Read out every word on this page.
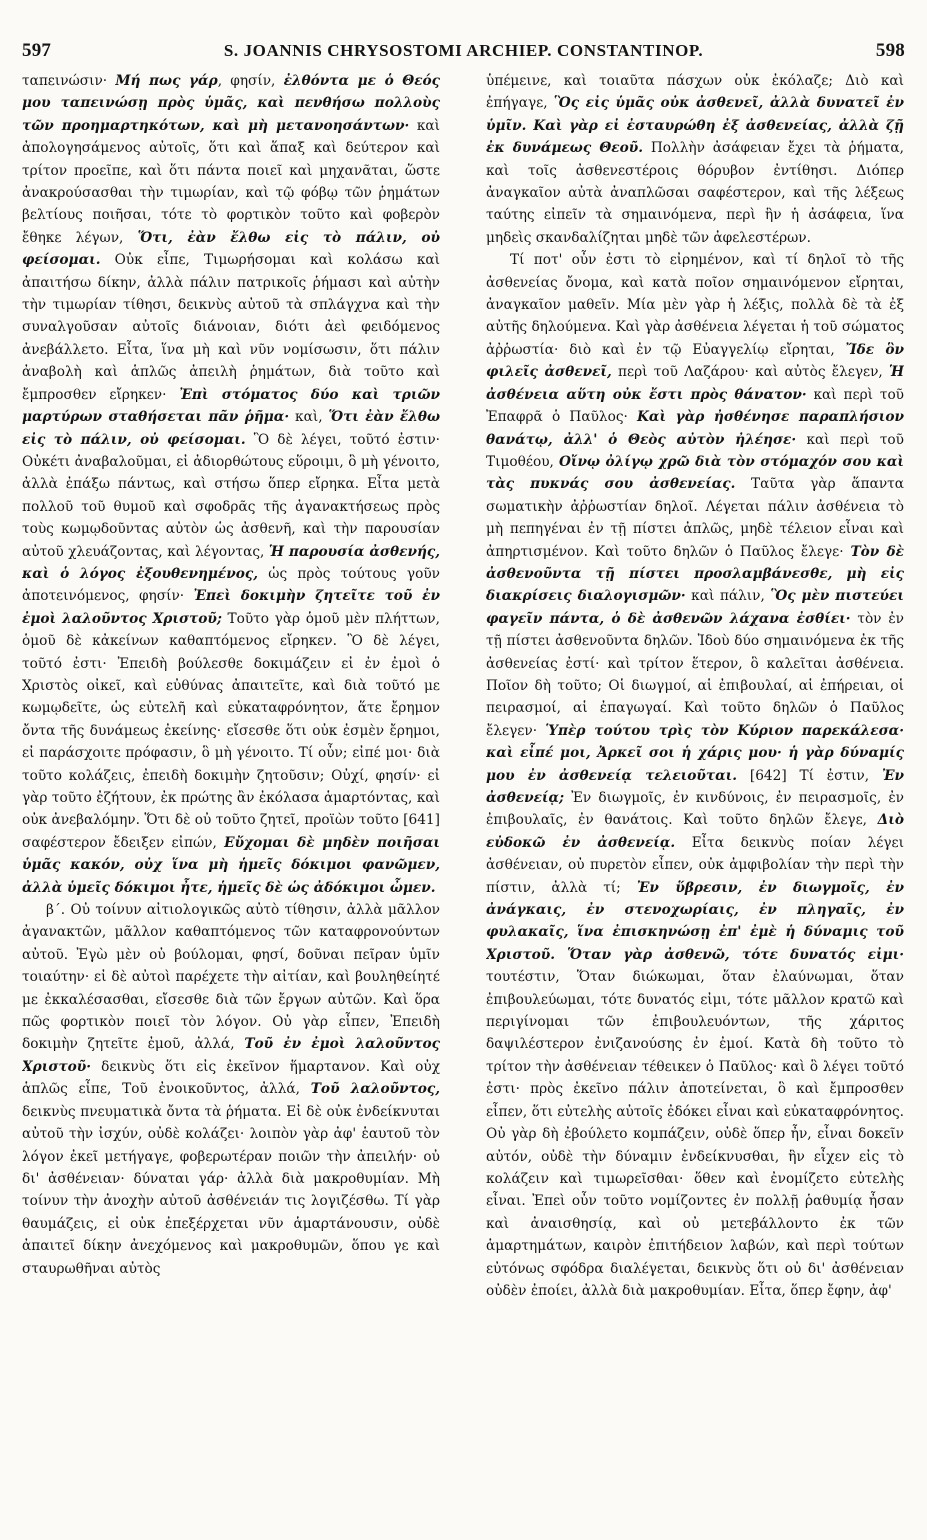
597	S. JOANNIS CHRYSOSTOMI ARCHIEP. CONSTANTINOP.	598

ταπεινώσιν· Μή πως γάρ, φησίν, ἐλθόντα με ὁ Θεός μου ταπεινώσῃ πρὸς ὑμᾶς, καὶ πενθήσω πολλοὺς τῶν προημαρτηκότων, καὶ μὴ μετανοησάντων· καὶ ἀπολογησάμενος αὐτοῖς, ὅτι καὶ ἅπαξ καὶ δεύτερον καὶ τρίτον προεῖπε, καὶ ὅτι πάντα ποιεῖ καὶ μηχανᾶται, ὥστε ἀνακρούσασθαι τὴν τιμωρίαν, καὶ τῷ φόβῳ τῶν ῥημάτων βελτίους ποιῆσαι, τότε τὸ φορτικὸν τοῦτο καὶ φοβερὸν ἔθηκε λέγων, Ὅτι, ἐὰν ἔλθω εἰς τὸ πάλιν, οὐ φείσομαι. Οὐκ εἶπε, Τιμωρήσομαι καὶ κολάσω καὶ ἀπαιτήσω δίκην, ἀλλὰ πάλιν πατρικοῖς ῥήμασι καὶ αὐτὴν τὴν τιμωρίαν τίθησι, δεικνὺς αὐτοῦ τὰ σπλάγχνα καὶ τὴν συναλγοῦσαν αὐτοῖς διάνοιαν, διότι ἀεὶ φειδόμενος ἀνεβάλλετο. Εἶτα, ἵνα μὴ καὶ νῦν νομίσωσιν, ὅτι πάλιν ἀναβολὴ καὶ ἁπλῶς ἀπειλὴ ῥημάτων, διὰ τοῦτο καὶ ἔμπροσθεν εἴρηκεν· Ἐπὶ στόματος δύο καὶ τριῶν μαρτύρων σταθήσεται πᾶν ῥῆμα· καὶ, Ὅτι ἐὰν ἔλθω εἰς τὸ πάλιν, οὐ φείσομαι. Ὃ δὲ λέγει, τοῦτό ἐστιν· Οὐκέτι ἀναβαλοῦμαι, εἰ ἀδιορθώτους εὕροιμι, ὃ μὴ γένοιτο, ἀλλὰ ἐπάξω πάντως, καὶ στήσω ὅπερ εἴρηκα. Εἶτα μετὰ πολλοῦ τοῦ θυμοῦ καὶ σφοδρᾶς τῆς ἀγανακτήσεως πρὸς τοὺς κωμῳδοῦντας αὐτὸν ὡς ἀσθενῆ, καὶ τὴν παρουσίαν αὐτοῦ χλευάζοντας, καὶ λέγοντας, Ἡ παρουσία ἀσθενής, καὶ ὁ λόγος ἐξουθενημένος, ὡς πρὸς τούτους γοῦν ἀποτεινόμενος, φησίν· Ἐπεὶ δοκιμὴν ζητεῖτε τοῦ ἐν ἐμοὶ λαλοῦντος Χριστοῦ; Τοῦτο γὰρ ὁμοῦ μὲν πλήττων, ὁμοῦ δὲ κἀκείνων καθαπτόμενος εἴρηκεν. Ὃ δὲ λέγει, τοῦτό ἐστι· Ἐπειδὴ βούλεσθε δοκιμάζειν εἰ ἐν ἐμοὶ ὁ Χριστὸς οἰκεῖ, καὶ εὐθύνας ἀπαιτεῖτε, καὶ διὰ τοῦτό με κωμῳδεῖτε, ὡς εὐτελῆ καὶ εὐκαταφρόνητον, ἅτε ἔρημον ὄντα τῆς δυνάμεως ἐκείνης· εἴσεσθε ὅτι οὐκ ἐσμὲν ἔρημοι, εἰ παράσχοιτε πρόφασιν, ὃ μὴ γένοιτο. Τί οὖν; εἰπέ μοι· διὰ τοῦτο κολάζεις, ἐπειδὴ δοκιμὴν ζητοῦσιν; Οὐχί, φησίν· εἰ γὰρ τοῦτο ἐζήτουν, ἐκ πρώτης ἂν ἐκόλασα ἁμαρτόντας, καὶ οὐκ ἀνεβαλόμην. Ὅτι δὲ οὐ τοῦτο ζητεῖ, προϊὼν τοῦτο [641] σαφέστερον ἔδειξεν εἰπών, Εὔχομαι δὲ μηδὲν ποιῆσαι ὑμᾶς κακόν, οὐχ ἵνα μὴ ἡμεῖς δόκιμοι φανῶμεν, ἀλλὰ ὑμεῖς δόκιμοι ἦτε, ἡμεῖς δὲ ὡς ἀδόκιμοι ὦμεν.

β΄. Οὐ τοίνυν αἰτιολογικῶς αὐτὸ τίθησιν, ἀλλὰ μᾶλλον ἀγανακτῶν, μᾶλλον καθαπτόμενος τῶν καταφρονούντων αὐτοῦ. Ἐγὼ μὲν οὐ βούλομαι, φησί, δοῦναι πεῖραν ὑμῖν τοιαύτην· εἰ δὲ αὐτοὶ παρέχετε τὴν αἰτίαν, καὶ βουληθείητέ με ἐκκαλέσασθαι, εἴσεσθε διὰ τῶν ἔργων αὐτῶν. Καὶ ὅρα πῶς φορτικὸν ποιεῖ τὸν λόγον. Οὐ γὰρ εἶπεν, Ἐπειδὴ δοκιμὴν ζητεῖτε ἐμοῦ, ἀλλά, Τοῦ ἐν ἐμοὶ λαλοῦντος Χριστοῦ· δεικνὺς ὅτι εἰς ἐκεῖνον ἥμαρτανον. Καὶ οὐχ ἁπλῶς εἶπε, Τοῦ ἐνοικοῦντος, ἀλλά, Τοῦ λαλοῦντος, δεικνὺς πνευματικὰ ὄντα τὰ ῥήματα. Εἰ δὲ οὐκ ἐνδείκνυται αὐτοῦ τὴν ἰσχύν, οὐδὲ κολάζει· λοιπὸν γὰρ ἀφ' ἑαυτοῦ τὸν λόγον ἐκεῖ μετήγαγε, φοβερωτέραν ποιῶν τὴν ἀπειλήν· οὐ δι' ἀσθένειαν· δύναται γάρ· ἀλλὰ διὰ μακροθυμίαν. Μὴ τοίνυν τὴν ἀνοχὴν αὐτοῦ ἀσθένειάν τις λογιζέσθω. Τί γὰρ θαυμάζεις, εἰ οὐκ ἐπεξέρχεται νῦν ἁμαρτάνουσιν, οὐδὲ ἀπαιτεῖ δίκην ἀνεχόμενος καὶ μακροθυμῶν, ὅπου γε καὶ σταυρωθῆναι αὐτὸς

ὑπέμεινε, καὶ τοιαῦτα πάσχων οὐκ ἐκόλαζε; Διὸ καὶ ἐπήγαγε, Ὃς εἰς ὑμᾶς οὐκ ἀσθενεῖ, ἀλλὰ δυνατεῖ ἐν ὑμῖν. Καὶ γὰρ εἰ ἐσταυρώθη ἐξ ἀσθενείας, ἀλλὰ ζῇ ἐκ δυνάμεως Θεοῦ. Πολλὴν ἀσάφειαν ἔχει τὰ ῥήματα, καὶ τοῖς ἀσθενεστέροις θόρυβον ἐντίθησι. Διόπερ ἀναγκαῖον αὐτὰ ἀναπλῶσαι σαφέστερον, καὶ τῆς λέξεως ταύτης εἰπεῖν τὰ σημαινόμενα, περὶ ἣν ἡ ἀσάφεια, ἵνα μηδεὶς σκανδαλίζηται μηδὲ τῶν ἀφελεστέρων.

Τί ποτ' οὖν ἐστι τὸ εἰρημένον, καὶ τί δηλοῖ τὸ τῆς ἀσθενείας ὄνομα, καὶ κατὰ ποῖον σημαινόμενον εἴρηται, ἀναγκαῖον μαθεῖν. Μία μὲν γὰρ ἡ λέξις, πολλὰ δὲ τὰ ἐξ αὐτῆς δηλούμενα. Καὶ γὰρ ἀσθένεια λέγεται ἡ τοῦ σώματος ἀῤῥωστία· διὸ καὶ ἐν τῷ Εὐαγγελίῳ εἴρηται, Ἴδε ὃν φιλεῖς ἀσθενεῖ, περὶ τοῦ Λαζάρου· καὶ αὐτὸς ἔλεγεν, Ἡ ἀσθένεια αὕτη οὐκ ἔστι πρὸς θάνατον· καὶ περὶ τοῦ Ἐπαφρᾶ ὁ Παῦλος· Καὶ γὰρ ἠσθένησε παραπλήσιον θανάτῳ, ἀλλ' ὁ Θεὸς αὐτὸν ἠλέησε· καὶ περὶ τοῦ Τιμοθέου, Οἴνῳ ὀλίγῳ χρῶ διὰ τὸν στόμαχόν σου καὶ τὰς πυκνάς σου ἀσθενείας. Ταῦτα γὰρ ἅπαντα σωματικὴν ἀῤῥωστίαν δηλοῖ. Λέγεται πάλιν ἀσθένεια τὸ μὴ πεπηγέναι ἐν τῇ πίστει ἀπλῶς, μηδὲ τέλειον εἶναι καὶ ἀπηρτισμένον. Καὶ τοῦτο δηλῶν ὁ Παῦλος ἔλεγε· Τὸν δὲ ἀσθενοῦντα τῇ πίστει προσλαμβάνεσθε, μὴ εἰς διακρίσεις διαλογισμῶν· καὶ πάλιν, Ὃς μὲν πιστεύει φαγεῖν πάντα, ὁ δὲ ἀσθενῶν λάχανα ἐσθίει· τὸν ἐν τῇ πίστει ἀσθενοῦντα δηλῶν. Ἰδοὺ δύο σημαινόμενα ἐκ τῆς ἀσθενείας ἐστί· καὶ τρίτον ἕτερον, ὃ καλεῖται ἀσθένεια. Ποῖον δὴ τοῦτο; Οἱ διωγμοί, αἱ ἐπιβουλαί, αἱ ἐπήρειαι, οἱ πειρασμοί, αἱ ἐπαγωγαί. Καὶ τοῦτο δηλῶν ὁ Παῦλος ἔλεγεν· Ὑπὲρ τούτου τρὶς τὸν Κύριον παρεκάλεσα· καὶ εἶπέ μοι, Ἀρκεῖ σοι ἡ χάρις μου· ἡ γὰρ δύναμίς μου ἐν ἀσθενείᾳ τελειοῦται. [642] Τί ἐστιν, Ἐν ἀσθενείᾳ; Ἐν διωγμοῖς, ἐν κινδύνοις, ἐν πειρασμοῖς, ἐν ἐπιβουλαῖς, ἐν θανάτοις. Καὶ τοῦτο δηλῶν ἔλεγε, Διὸ εὐδοκῶ ἐν ἀσθενείᾳ. Εἶτα δεικνὺς ποίαν λέγει ἀσθένειαν, οὐ πυρετὸν εἶπεν, οὐκ ἀμφιβολίαν τὴν περὶ τὴν πίστιν, ἀλλὰ τί; Ἐν ὕβρεσιν, ἐν διωγμοῖς, ἐν ἀνάγκαις, ἐν στενοχωρίαις, ἐν πληγαῖς, ἐν φυλακαῖς, ἵνα ἐπισκηνώσῃ ἐπ' ἐμὲ ἡ δύναμις τοῦ Χριστοῦ. Ὅταν γὰρ ἀσθενῶ, τότε δυνατός εἰμι· τουτέστιν, Ὅταν διώκωμαι, ὅταν ἐλαύνωμαι, ὅταν ἐπιβουλεύωμαι, τότε δυνατός εἰμι, τότε μᾶλλον κρατῶ καὶ περιγίνομαι τῶν ἐπιβουλευόντων, τῆς χάριτος δαψιλέστερον ἐνιζανούσης ἐν ἐμοί. Κατὰ δὴ τοῦτο τὸ τρίτον τὴν ἀσθένειαν τέθεικεν ὁ Παῦλος· καὶ ὃ λέγει τοῦτό ἐστι· πρὸς ἐκεῖνο πάλιν ἀποτείνεται, ὃ καὶ ἔμπροσθεν εἶπεν, ὅτι εὐτελὴς αὐτοῖς ἐδόκει εἶναι καὶ εὐκαταφρόνητος. Οὐ γὰρ δὴ ἐβούλετο κομπάζειν, οὐδὲ ὅπερ ἦν, εἶναι δοκεῖν αὐτόν, οὐδὲ τὴν δύναμιν ἐνδείκνυσθαι, ἣν εἶχεν εἰς τὸ κολάζειν καὶ τιμωρεῖσθαι· ὅθεν καὶ ἐνομίζετο εὐτελὴς εἶναι. Ἐπεὶ οὖν τοῦτο νομίζοντες ἐν πολλῇ ῥαθυμίᾳ ἦσαν καὶ ἀναισθησίᾳ, καὶ οὐ μετεβάλλοντο ἐκ τῶν ἁμαρτημάτων, καιρὸν ἐπιτήδειον λαβών, καὶ περὶ τούτων εὐτόνως σφόδρα διαλέγεται, δεικνὺς ὅτι οὐ δι' ἀσθένειαν οὐδὲν ἐποίει, ἀλλὰ διὰ μακροθυμίαν. Εἶτα, ὅπερ ἔφην, ἀφ'
